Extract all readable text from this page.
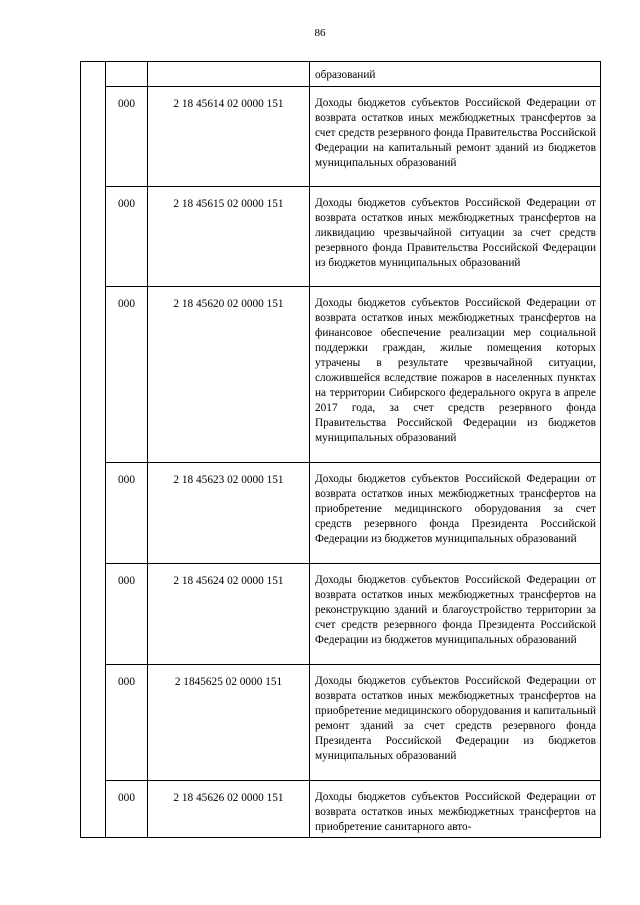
86
			образований
	000	2 18 45614 02 0000 151	Доходы бюджетов субъектов Российской Федерации от возврата остатков иных межбюджетных трансфертов за счет средств резервного фонда Правительства Российской Федерации на капитальный ремонт зданий из бюджетов муниципальных образований
	000	2 18 45615 02 0000 151	Доходы бюджетов субъектов Российской Федерации от возврата остатков иных межбюджетных трансфертов на ликвидацию чрезвычайной ситуации за счет средств резервного фонда Правительства Российской Федерации из бюджетов муниципальных образований
	000	2 18 45620 02 0000 151	Доходы бюджетов субъектов Российской Федерации от возврата остатков иных межбюджетных трансфертов на финансовое обеспечение реализации мер социальной поддержки граждан, жилые помещения которых утрачены в результате чрезвычайной ситуации, сложившейся вследствие пожаров в населенных пунктах на территории Сибирского федерального округа в апреле 2017 года, за счет средств резервного фонда Правительства Российской Федерации из бюджетов муниципальных образований
	000	2 18 45623 02 0000 151	Доходы бюджетов субъектов Российской Федерации от возврата остатков иных межбюджетных трансфертов на приобретение медицинского оборудования за счет средств резервного фонда Президента Российской Федерации из бюджетов муниципальных образований
	000	2 18 45624 02 0000 151	Доходы бюджетов субъектов Российской Федерации от возврата остатков иных межбюджетных трансфертов на реконструкцию зданий и благоустройство территории за счет средств резервного фонда Президента Российской Федерации из бюджетов муниципальных образований
	000	2 1845625 02 0000 151	Доходы бюджетов субъектов Российской Федерации от возврата остатков иных межбюджетных трансфертов на приобретение медицинского оборудования и капитальный ремонт зданий за счет средств резервного фонда Президента Российской Федерации из бюджетов муниципальных образований
	000	2 18 45626 02 0000 151	Доходы бюджетов субъектов Российской Федерации от возврата остатков иных межбюджетных трансфертов на приобретение санитарного авто-
